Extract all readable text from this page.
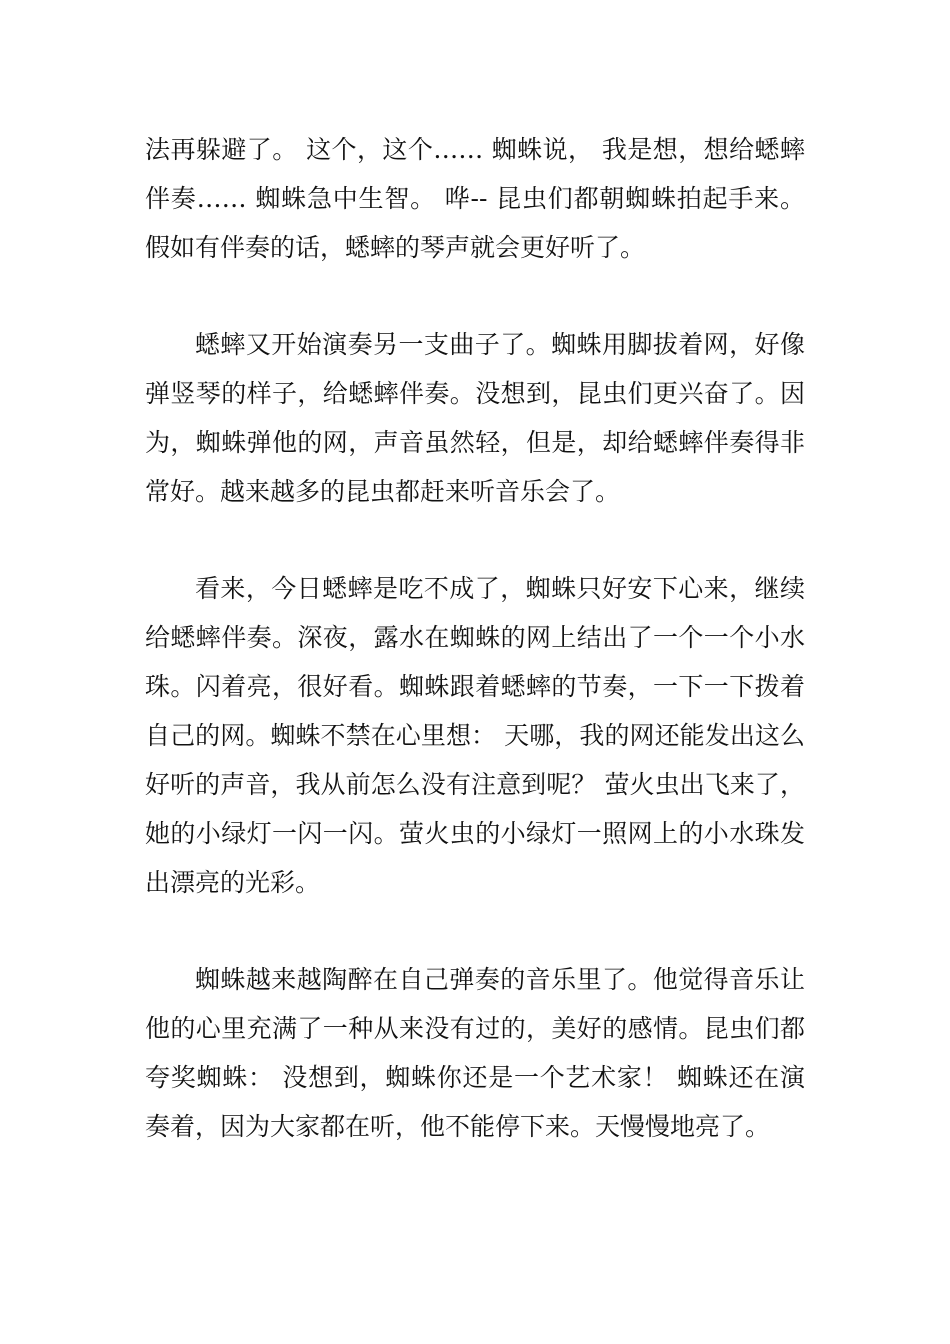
法再躲避了。 这个，这个…… 蜘蛛说， 我是想，想给蟋蟀伴奏…… 蜘蛛急中生智。 哗-- 昆虫们都朝蜘蛛拍起手来。假如有伴奏的话，蟋蟀的琴声就会更好听了。

蟋蟀又开始演奏另一支曲子了。蜘蛛用脚拔着网，好像弹竖琴的样子，给蟋蟀伴奏。没想到，昆虫们更兴奋了。因为，蜘蛛弹他的网，声音虽然轻，但是，却给蟋蟀伴奏得非常好。越来越多的昆虫都赶来听音乐会了。

看来，今日蟋蟀是吃不成了，蜘蛛只好安下心来，继续给蟋蟀伴奏。深夜，露水在蜘蛛的网上结出了一个一个小水珠。闪着亮，很好看。蜘蛛跟着蟋蟀的节奏，一下一下拨着自己的网。蜘蛛不禁在心里想： 天哪，我的网还能发出这么好听的声音，我从前怎么没有注意到呢？ 萤火虫出飞来了，她的小绿灯一闪一闪。萤火虫的小绿灯一照网上的小水珠发出漂亮的光彩。

蜘蛛越来越陶醉在自己弹奏的音乐里了。他觉得音乐让他的心里充满了一种从来没有过的，美好的感情。昆虫们都夸奖蜘蛛： 没想到，蜘蛛你还是一个艺术家！ 蜘蛛还在演奏着，因为大家都在听，他不能停下来。天慢慢地亮了。
